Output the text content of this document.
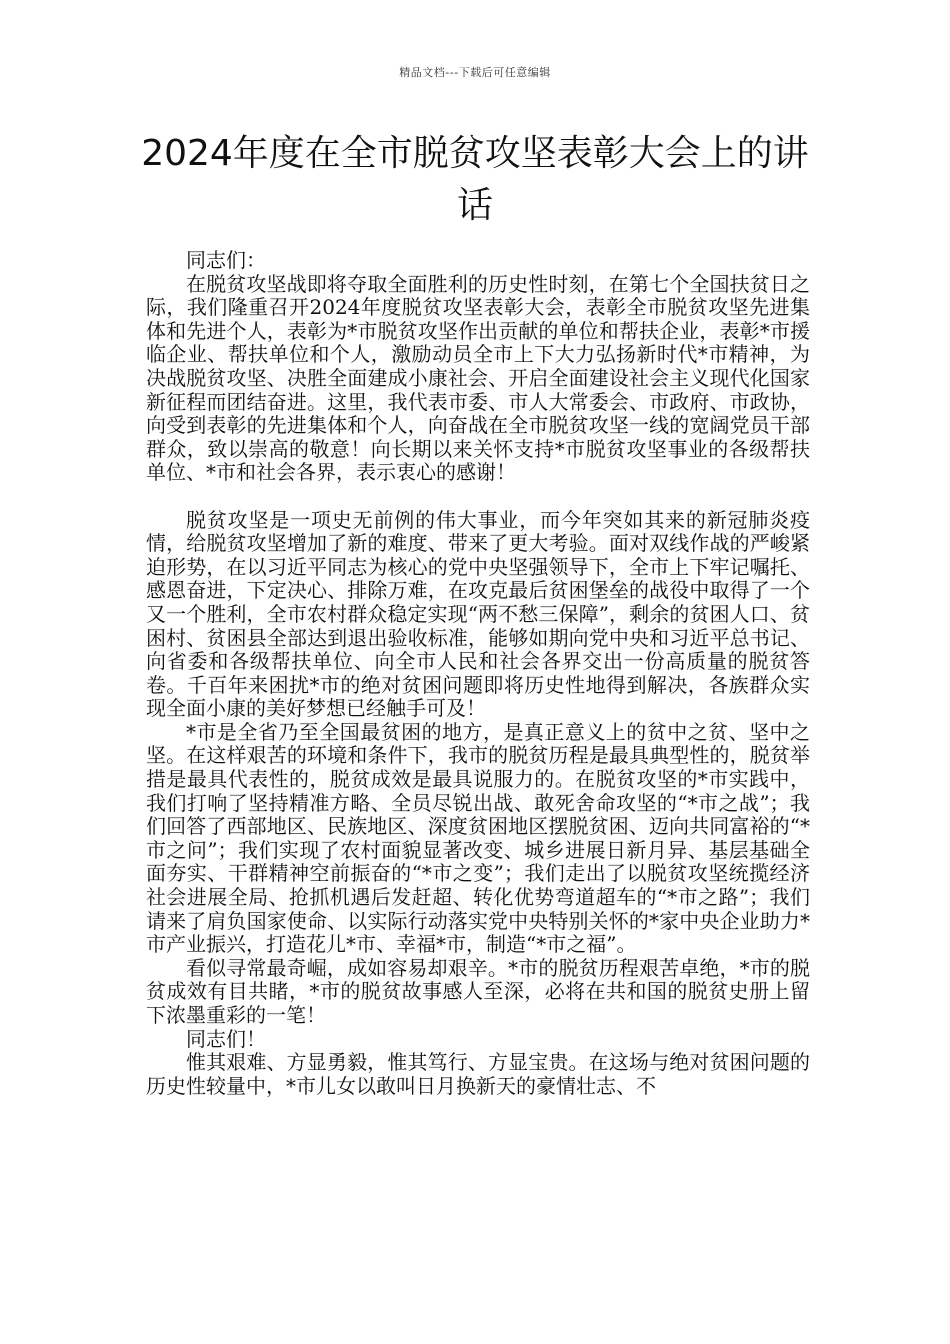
精品文档---下载后可任意编辑
2024年度在全市脱贫攻坚表彰大会上的讲话

同志们：

在脱贫攻坚战即将夺取全面胜利的历史性时刻，在第七个全国扶贫日之际，我们隆重召开2024年度脱贫攻坚表彰大会，表彰全市脱贫攻坚先进集体和先进个人，表彰为*市脱贫攻坚作出贡献的单位和帮扶企业，表彰*市援临企业、帮扶单位和个人，激励动员全市上下大力弘扬新时代*市精神，为决战脱贫攻坚、决胜全面建成小康社会、开启全面建设社会主义现代化国家新征程而团结奋进。这里，我代表市委、市人大常委会、市政府、市政协，向受到表彰的先进集体和个人，向奋战在全市脱贫攻坚一线的宽阔党员干部群众，致以崇高的敬意！向长期以来关怀支持*市脱贫攻坚事业的各级帮扶单位、*市和社会各界，表示衷心的感谢！

脱贫攻坚是一项史无前例的伟大事业，而今年突如其来的新冠肺炎疫情，给脱贫攻坚增加了新的难度、带来了更大考验。面对双线作战的严峻紧迫形势，在以习近平同志为核心的党中央坚强领导下，全市上下牢记嘱托、感恩奋进，下定决心、排除万难，在攻克最后贫困堡垒的战役中取得了一个又一个胜利，全市农村群众稳定实现“两不愁三保障”，剩余的贫困人口、贫困村、贫困县全部达到退出验收标准，能够如期向党中央和习近平总书记、向省委和各级帮扶单位、向全市人民和社会各界交出一份高质量的脱贫答卷。千百年来困扰*市的绝对贫困问题即将历史性地得到解决，各族群众实现全面小康的美好梦想已经触手可及！

*市是全省乃至全国最贫困的地方，是真正意义上的贫中之贫、坚中之坚。在这样艰苦的环境和条件下，我市的脱贫历程是最具典型性的，脱贫举措是最具代表性的，脱贫成效是最具说服力的。在脱贫攻坚的*市实践中，我们打响了坚持精准方略、全员尽锐出战、敢死舍命攻坚的“*市之战”；我们回答了西部地区、民族地区、深度贫困地区摆脱贫困、迈向共同富裕的“*市之问”；我们实现了农村面貌显著改变、城乡进展日新月异、基层基础全面夯实、干群精神空前振奋的“*市之变”；我们走出了以脱贫攻坚统揽经济社会进展全局、抢抓机遇后发赶超、转化优势弯道超车的“*市之路”；我们请来了肩负国家使命、以实际行动落实党中央特别关怀的*家中央企业助力*市产业振兴，打造花儿*市、幸福*市，制造“*市之福”。

看似寻常最奇崛，成如容易却艰辛。*市的脱贫历程艰苦卓绝，*市的脱贫成效有目共睹，*市的脱贫故事感人至深，必将在共和国的脱贫史册上留下浓墨重彩的一笔！

同志们！

惟其艰难、方显勇毅，惟其笃行、方显宝贵。在这场与绝对贫困问题的历史性较量中，*市儿女以敢叫日月换新天的豪情壮志、不
